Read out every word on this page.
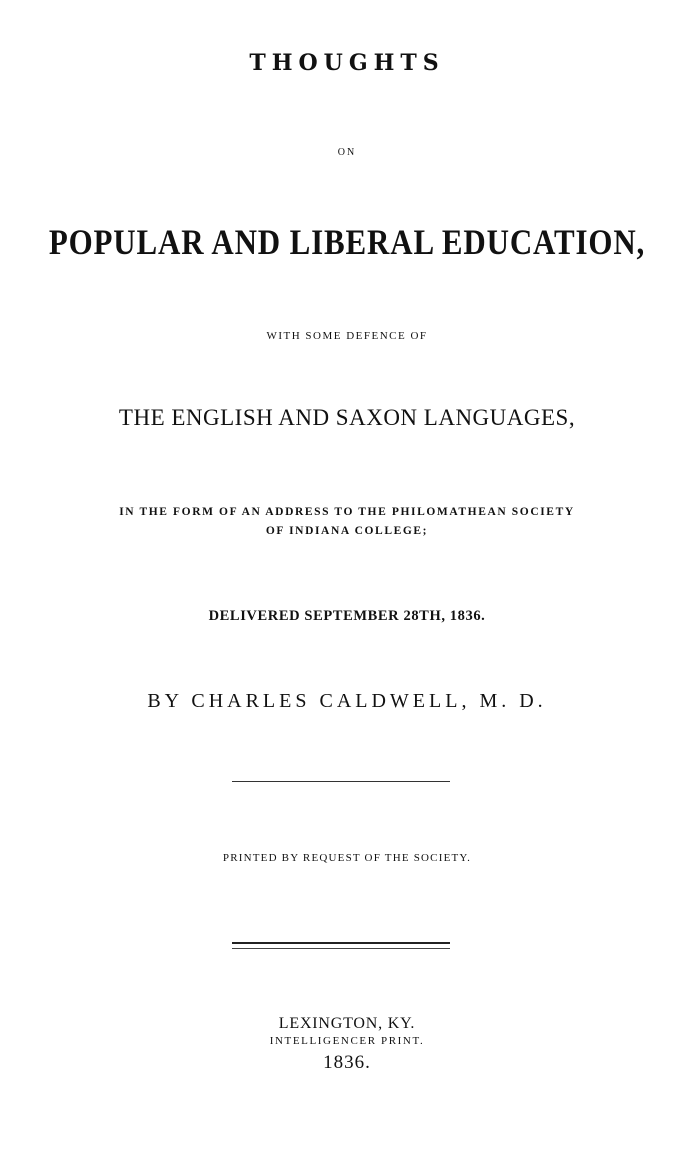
THOUGHTS
ON
POPULAR AND LIBERAL EDUCATION,
WITH SOME DEFENCE OF
THE ENGLISH AND SAXON LANGUAGES,
IN THE FORM OF AN ADDRESS TO THE PHILOMATHEAN SOCIETY
OF INDIANA COLLEGE;
DELIVERED SEPTEMBER 28TH, 1836.
BY CHARLES CALDWELL, M. D.
PRINTED BY REQUEST OF THE SOCIETY.
LEXINGTON, KY.
INTELLIGENCER PRINT.
1836.
